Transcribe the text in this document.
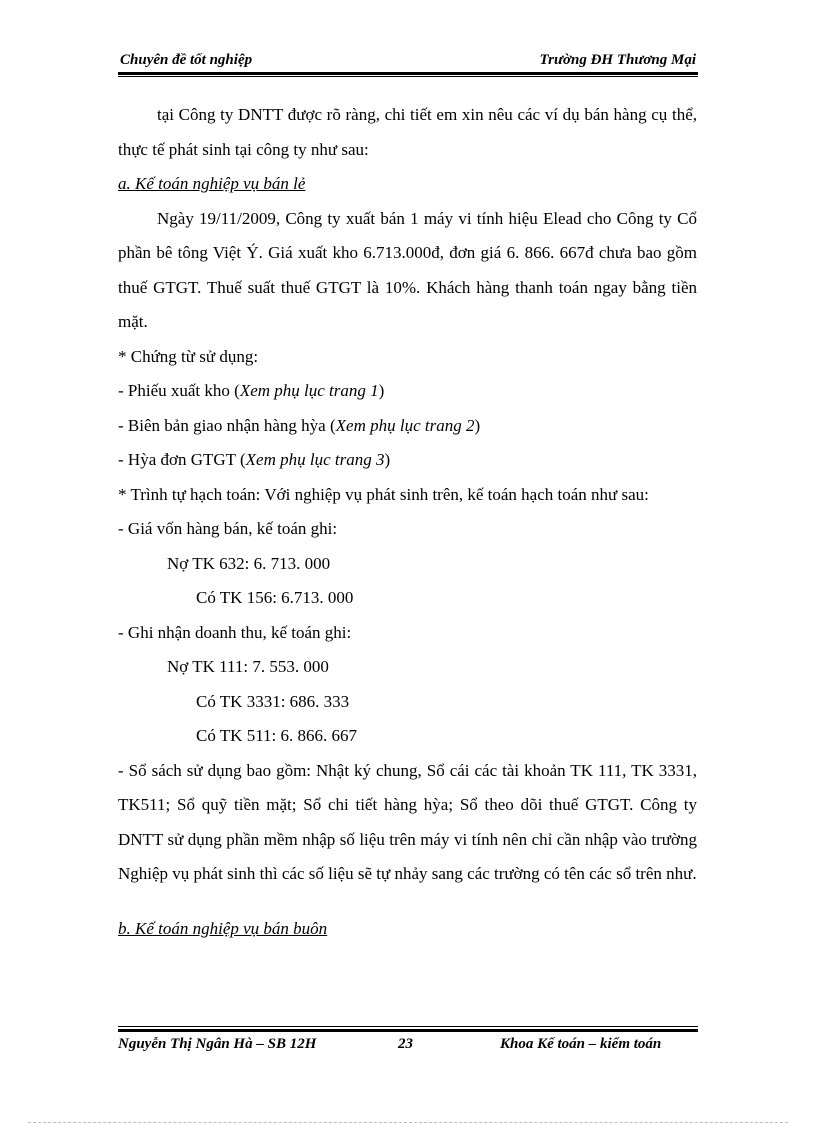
Chuyên đề tốt nghiệp	Trường ĐH Thương Mại

tại Công ty DNTT được rõ ràng, chi tiết em xin nêu các ví dụ bán hàng cụ thể, thực tế phát sinh tại công ty như sau:

a. Kế toán nghiệp vụ bán lẻ

Ngày 19/11/2009, Công ty xuất bán 1 máy vi tính hiệu Elead cho Công ty Cổ phần bê tông Việt Ý. Giá xuất kho 6.713.000đ, đơn giá 6. 866. 667đ chưa bao gồm thuế GTGT. Thuế suất thuế GTGT là 10%. Khách hàng thanh toán ngay bằng tiền mặt.

* Chứng từ sử dụng:

- Phiếu xuất kho (Xem phụ lục trang 1)

- Biên bản giao nhận hàng hỳa (Xem phụ lục trang 2)

- Hỳa đơn GTGT (Xem phụ lục trang 3)

* Trình tự hạch toán: Với nghiệp vụ phát sinh trên, kế toán hạch toán như sau:

- Giá vốn hàng bán, kế toán ghi:

Nợ TK 632: 6. 713. 000

Có TK 156: 6.713. 000

- Ghi nhận doanh thu, kế toán ghi:

Nợ TK 111: 7. 553. 000

Có TK 3331: 686. 333

Có TK 511: 6. 866. 667

- Sổ sách sử dụng bao gồm: Nhật ký chung, Sổ cái các tài khoản TK 111, TK 3331, TK511; Sổ quỹ tiền mặt; Sổ chi tiết hàng hỳa; Sổ theo dõi thuế GTGT. Công ty DNTT sử dụng phần mềm nhập số liệu trên máy vi tính nên chỉ cần nhập vào trường Nghiệp vụ phát sinh thì các số liệu sẽ tự nhảy sang các trường có tên các sổ trên như.

b. Kế toán nghiệp vụ bán buôn

Nguyễn Thị Ngân Hà – SB 12H	23	Khoa Kế toán – kiểm toán
